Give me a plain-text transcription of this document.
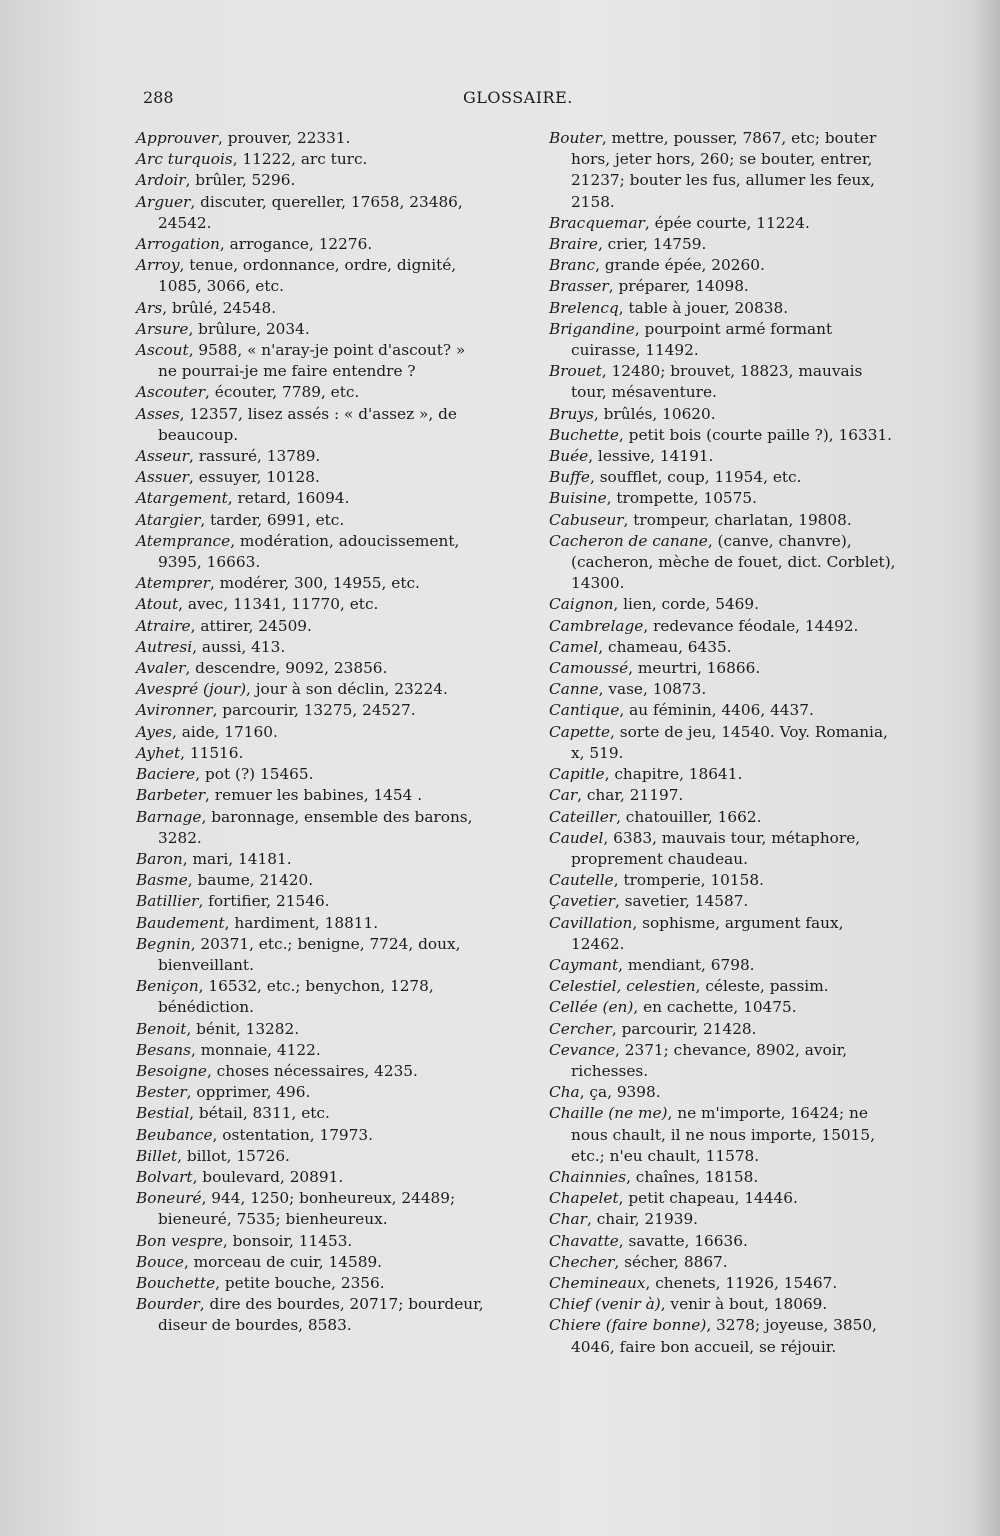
288	GLOSSAIRE.

Approuver, prouver, 22331.

Arc turquois, 11222, arc turc.

Ardoir, brûler, 5296.

Arguer, discuter, quereller, 17658, 23486, 24542.

Arrogation, arrogance, 12276.

Arroy, tenue, ordonnance, ordre, dignité, 1085, 3066, etc.

Ars, brûlé, 24548.

Arsure, brûlure, 2034.

Ascout, 9588, « n'aray-je point d'ascout? » ne pourrai-je me faire entendre ?

Ascouter, écouter, 7789, etc.

Asses, 12357, lisez assés : « d'assez », de beaucoup.

Asseur, rassuré, 13789.

Assuer, essuyer, 10128.

Atargement, retard, 16094.

Atargier, tarder, 6991, etc.

Atemprance, modération, adoucissement, 9395, 16663.

Atemprer, modérer, 300, 14955, etc.

Atout, avec, 11341, 11770, etc.

Atraire, attirer, 24509.

Autresi, aussi, 413.

Avaler, descendre, 9092, 23856.

Avespré (jour), jour à son déclin, 23224.

Avironner, parcourir, 13275, 24527.

Ayes, aide, 17160.

Ayhet, 11516.

Baciere, pot (?) 15465.

Barbeter, remuer les babines, 1454 .

Barnage, baronnage, ensemble des barons, 3282.

Baron, mari, 14181.

Basme, baume, 21420.

Batillier, fortifier, 21546.

Baudement, hardiment, 18811.

Begnin, 20371, etc.; benigne, 7724, doux, bienveillant.

Beniçon, 16532, etc.; benychon, 1278, bénédiction.

Benoit, bénit, 13282.

Besans, monnaie, 4122.

Besoigne, choses nécessaires, 4235.

Bester, opprimer, 496.

Bestial, bétail, 8311, etc.

Beubance, ostentation, 17973.

Billet, billot, 15726.

Bolvart, boulevard, 20891.

Boneuré, 944, 1250; bonheureux, 24489; bieneuré, 7535; bienheureux.

Bon vespre, bonsoir, 11453.

Bouce, morceau de cuir, 14589.

Bouchette, petite bouche, 2356.

Bourder, dire des bourdes, 20717; bourdeur, diseur de bourdes, 8583.

Bouter, mettre, pousser, 7867, etc; bouter hors, jeter hors, 260; se bouter, entrer, 21237; bouter les fus, allumer les feux, 2158.

Bracquemar, épée courte, 11224.

Braire, crier, 14759.

Branc, grande épée, 20260.

Brasser, préparer, 14098.

Brelencq, table à jouer, 20838.

Brigandine, pourpoint armé formant cuirasse, 11492.

Brouet, 12480; brouvet, 18823, mauvais tour, mésaventure.

Bruys, brûlés, 10620.

Buchette, petit bois (courte paille ?), 16331.

Buée, lessive, 14191.

Buffe, soufflet, coup, 11954, etc.

Buisine, trompette, 10575.

Cabuseur, trompeur, charlatan, 19808.

Cacheron de canane, (canve, chanvre), (cacheron, mèche de fouet, dict. Corblet), 14300.

Caignon, lien, corde, 5469.

Cambrelage, redevance féodale, 14492.

Camel, chameau, 6435.

Camoussé, meurtri, 16866.

Canne, vase, 10873.

Cantique, au féminin, 4406, 4437.

Capette, sorte de jeu, 14540. Voy. Romania, x, 519.

Capitle, chapitre, 18641.

Car, char, 21197.

Cateiller, chatouiller, 1662.

Caudel, 6383, mauvais tour, métaphore, proprement chaudeau.

Cautelle, tromperie, 10158.

Çavetier, savetier, 14587.

Cavillation, sophisme, argument faux, 12462.

Caymant, mendiant, 6798.

Celestiel, celestien, céleste, passim.

Cellée (en), en cachette, 10475.

Cercher, parcourir, 21428.

Cevance, 2371; chevance, 8902, avoir, richesses.

Cha, ça, 9398.

Chaille (ne me), ne m'importe, 16424; ne nous chault, il ne nous importe, 15015, etc.; n'eu chault, 11578.

Chainnies, chaînes, 18158.

Chapelet, petit chapeau, 14446.

Char, chair, 21939.

Chavatte, savatte, 16636.

Checher, sécher, 8867.

Chemineaux, chenets, 11926, 15467.

Chief (venir à), venir à bout, 18069.

Chiere (faire bonne), 3278; joyeuse, 3850, 4046, faire bon accueil, se réjouir.
